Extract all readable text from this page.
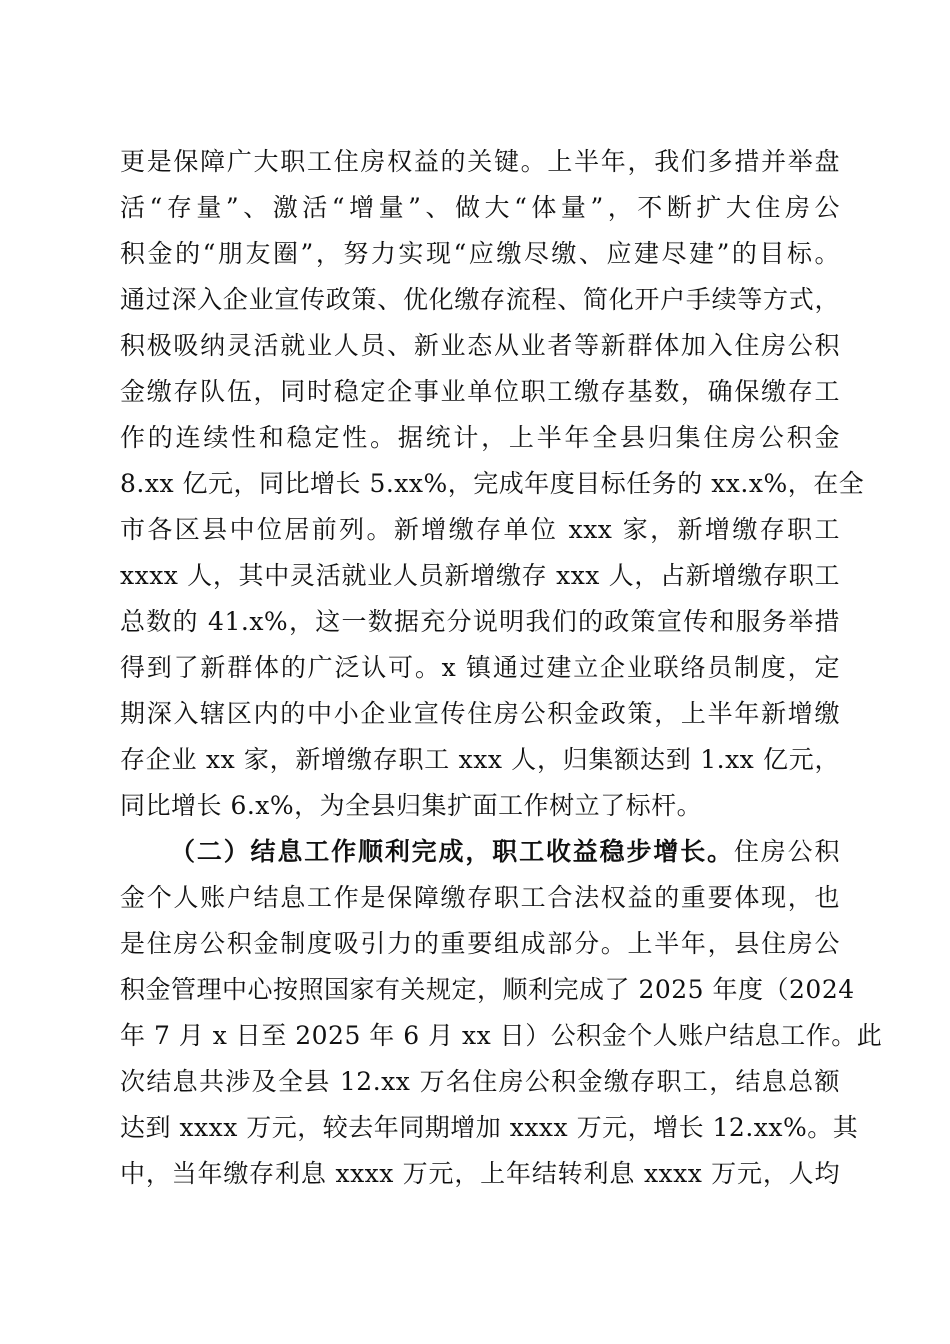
更是保障广大职工住房权益的关键。上半年，我们多措并举盘
活“存量”、激活“增量”、做大“体量”，不断扩大住房公
积金的“朋友圈”，努力实现“应缴尽缴、应建尽建”的目标。
通过深入企业宣传政策、优化缴存流程、简化开户手续等方式，
积极吸纳灵活就业人员、新业态从业者等新群体加入住房公积
金缴存队伍，同时稳定企事业单位职工缴存基数，确保缴存工
作的连续性和稳定性。据统计，上半年全县归集住房公积金
8.xx 亿元，同比增长 5.xx%，完成年度目标任务的 xx.x%，在全
市各区县中位居前列。新增缴存单位 xxx 家，新增缴存职工
xxxx 人，其中灵活就业人员新增缴存 xxx 人，占新增缴存职工
总数的 41.x%，这一数据充分说明我们的政策宣传和服务举措
得到了新群体的广泛认可。x 镇通过建立企业联络员制度，定
期深入辖区内的中小企业宣传住房公积金政策，上半年新增缴
存企业 xx 家，新增缴存职工 xxx 人，归集额达到 1.xx 亿元，
同比增长 6.x%，为全县归集扩面工作树立了标杆。
（二）结息工作顺利完成，职工收益稳步增长。住房公积
金个人账户结息工作是保障缴存职工合法权益的重要体现，也
是住房公积金制度吸引力的重要组成部分。上半年，县住房公
积金管理中心按照国家有关规定，顺利完成了 2025 年度（2024
年 7 月 x 日至 2025 年 6 月 xx 日）公积金个人账户结息工作。此
次结息共涉及全县 12.xx 万名住房公积金缴存职工，结息总额
达到 xxxx 万元，较去年同期增加 xxxx 万元，增长 12.xx%。其
中，当年缴存利息 xxxx 万元，上年结转利息 xxxx 万元，人均
